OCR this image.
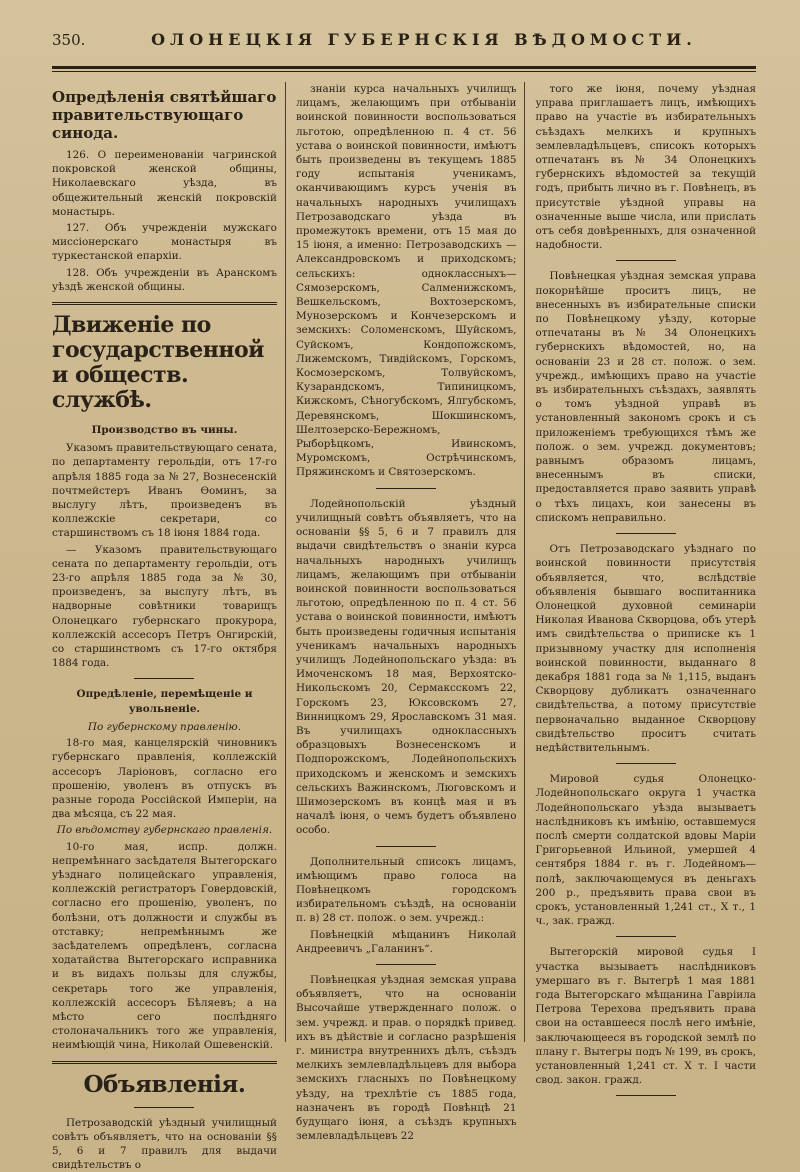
350.	ОЛОНЕЦКІЯ ГУБЕРНСКІЯ ВѢДОМОСТИ.
Опредѣленія святѣйшаго правительствующаго синода.

126. О переименованіи чагринской покровской женской общины, Николаевскаго уѣзда, въ общежительный женскій покровскій монастырь.

127. Объ учрежденіи мужскаго миссіонерскаго монастыря въ туркестанской епархіи.

128. Объ учрежденіи въ Аранскомъ уѣздѣ женской общины.

Движеніе по государственной и обществ. службѣ.
Производство въ чины.

Указомъ правительствующаго сената, по департаменту герольдіи, отъ 17-го апрѣля 1885 года за № 27, Вознесенскій почтмейстеръ Иванъ Ѳоминъ, за выслугу лѣтъ, произведенъ въ коллежскіе секретари, со старшинствомъ съ 18 іюня 1884 года.

— Указомъ правительствующаго сената по департаменту герольдіи, отъ 23-го апрѣля 1885 года за № 30, произведенъ, за выслугу лѣтъ, въ надворные совѣтники товарищъ Олонецкаго губернскаго прокурора, коллежскій ассесоръ Петръ Онгирскій, со старшинствомъ съ 17-го октября 1884 года.

Опредѣленіе, перемѣщеніе и увольненіе.
По губернскому правленію.

18-го мая, канцелярскій чиновникъ губернскаго правленія, коллежскій ассесоръ Ларіоновъ, согласно его прошенію, уволенъ въ отпускъ въ разные города Россійской Имперіи, на два мѣсяца, съ 22 мая.

По вѣдомству губернскаго правленія.

10-го мая, испр. должн. непремѣннаго засѣдателя Вытегорскаго уѣзднаго полицейскаго управленія, коллежскій регистраторъ Говердовскій, согласно его прошенію, уволенъ, по болѣзни, отъ должности и службы въ отставку; непремѣннымъ же засѣдателемъ опредѣленъ, согласна ходатайства Вытегорскаго исправника и въ видахъ пользы для службы, секретарь того же управленія, коллежскій ассесоръ Бѣляевъ; а на мѣсто сего послѣдняго столоначальникъ того же управленія, неимѣющій чина, Николай Ошевенскій.

Объявленія.

Петрозаводскій уѣздный училищный совѣтъ объявляетъ, что на основаніи §§ 5, 6 и 7 правилъ для выдачи свидѣтельствъ о

знаніи курса начальныхъ училищъ лицамъ, желающимъ при отбываніи воинской повинности воспользоваться льготою, опредѣленною п. 4 ст. 56 устава о воинской повинности, имѣютъ быть произведены въ текущемъ 1885 году испытанія ученикамъ, оканчивающимъ курсъ ученія въ начальныхъ народныхъ училищахъ Петрозаводскаго уѣзда въ промежутокъ времени, отъ 15 мая до 15 іюня, а именно: Петрозаводскихъ — Александровскомъ и приходскомъ; сельскихъ: одноклассныхъ—Сямозерскомъ, Салменижскомъ, Вешкельскомъ, Вохтозерскомъ, Мунозерскомъ и Кончезерскомъ и земскихъ: Соломенскомъ, Шуйскомъ, Суйскомъ, Кондопожскомъ, Лижемскомъ, Тивдійскомъ, Горскомъ, Космозерскомъ, Толвуйскомъ, Кузарандскомъ, Типиницкомъ, Кижскомъ, Сѣногубскомъ, Ялгубскомъ, Деревянскомъ, Шокшинскомъ, Шелтозерско-Бережномъ, Рыборѣцкомъ, Ивинскомъ, Муромскомъ, Острѣчинскомъ, Пряжинскомъ и Святозерскомъ.

Лодейнопольскій уѣздный училищный совѣтъ объявляетъ, что на основаніи §§ 5, 6 и 7 правилъ для выдачи свидѣтельствъ о знаніи курса начальныхъ народныхъ училищъ лицамъ, желающимъ при отбываніи воинской повинности воспользоваться льготою, опредѣленною по п. 4 ст. 56 устава о воинской повинности, имѣютъ быть произведены годичныя испытанія ученикамъ начальныхъ народныхъ училищъ Лодейнопольскаго уѣзда: въ Имоченскомъ 18 мая, Верхоятско-Никольскомъ 20, Сермаксскомъ 22, Горскомъ 23, Юксовскомъ 27, Винницкомъ 29, Ярославскомъ 31 мая. Въ училищахъ одноклассныхъ образцовыхъ Вознесенскомъ и Подпорожскомъ, Лодейнопольскихъ приходскомъ и женскомъ и земскихъ сельскихъ Важинскомъ, Люговскомъ и Шимозерскомъ въ концѣ мая и въ началѣ іюня, о чемъ будетъ объявлено особо.

Дополнительный списокъ лицамъ, имѣющимъ право голоса на Повѣнецкомъ городскомъ избирательномъ съѣздѣ, на основаніи п. в) 28 ст. полож. о зем. учрежд.:

Повѣнецкій мѣщанинъ Николай Андреевичъ „Галанинъ“.

Повѣнецкая уѣздная земская управа объявляетъ, что на основаніи Высочайше утвержденнаго полож. о зем. учрежд. и прав. о порядкѣ привед. ихъ въ дѣйствіе и согласно разрѣшенія г. министра внутреннихъ дѣлъ, съѣздъ мелкихъ землевладѣльцевъ для выбора земскихъ гласныхъ по Повѣнецкому уѣзду, на трехлѣтіе съ 1885 года, назначенъ въ городѣ Повѣнцѣ 21 будущаго іюня, а съѣздъ крупныхъ землевладѣльцевъ 22

того же іюня, почему уѣздная управа приглашаетъ лицъ, имѣющихъ право на участіе въ избирательныхъ съѣздахъ мелкихъ и крупныхъ землевладѣльцевъ, списокъ которыхъ отпечатанъ въ № 34 Олонецкихъ губернскихъ вѣдомостей за текущій годъ, прибыть лично въ г. Повѣнецъ, въ присутствіе уѣздной управы на означенные выше числа, или прислать отъ себя довѣренныхъ, для означенной надобности.

Повѣнецкая уѣздная земская управа покорнѣйше проситъ лицъ, не внесенныхъ въ избирательные списки по Повѣнецкому уѣзду, которые отпечатаны въ № 34 Олонецкихъ губернскихъ вѣдомостей, но, на основаніи 23 и 28 ст. полож. о зем. учрежд., имѣющихъ право на участіе въ избирательныхъ съѣздахъ, заявлять о томъ уѣздной управѣ въ установленный закономъ срокъ и съ приложеніемъ требующихся тѣмъ же полож. о зем. учрежд. документовъ; равнымъ образомъ лицамъ, внесеннымъ въ списки, предоставляется право заявить управѣ о тѣхъ лицахъ, кои занесены въ спискомъ неправильно.

Отъ Петрозаводскаго уѣзднаго по воинской повинности присутствія объявляется, что, вслѣдствіе объявленія бывшаго воспитанника Олонецкой духовной семинаріи Николая Иванова Скворцова, объ утерѣ имъ свидѣтельства о приписке къ 1 призывному участку для исполненія воинской повинности, выданнаго 8 декабря 1881 года за № 1,115, выданъ Скворцову дубликатъ означеннаго свидѣтельства, а потому присутствіе первоначально выданное Скворцову свидѣтельство проситъ считать недѣйствительнымъ.

Мировой судья Олонецко-Лодейнопольскаго округа 1 участка Лодейнопольскаго уѣзда вызываетъ наслѣдниковъ къ имѣнію, оставшемуся послѣ смерти солдатской вдовы Маріи Григорьевной Ильиной, умершей 4 сентября 1884 г. въ г. Лодейномъ—полѣ, заключающемуся въ деньгахъ 200 р., предъявить права свои въ срокъ, установленный 1,241 ст., Х т., 1 ч., зак. гражд.

Вытегорскій мировой судья I участка вызываетъ наслѣдниковъ умершаго въ г. Вытегрѣ 1 мая 1881 года Вытегорскаго мѣщанина Гаврiила Петрова Терехова предъявить права свои на оставшееся послѣ него имѣніе, заключающееся въ городской землѣ по плану г. Вытегры подъ № 199, въ срокъ, установленный 1,241 ст. Х т. I части свод. закон. гражд.
